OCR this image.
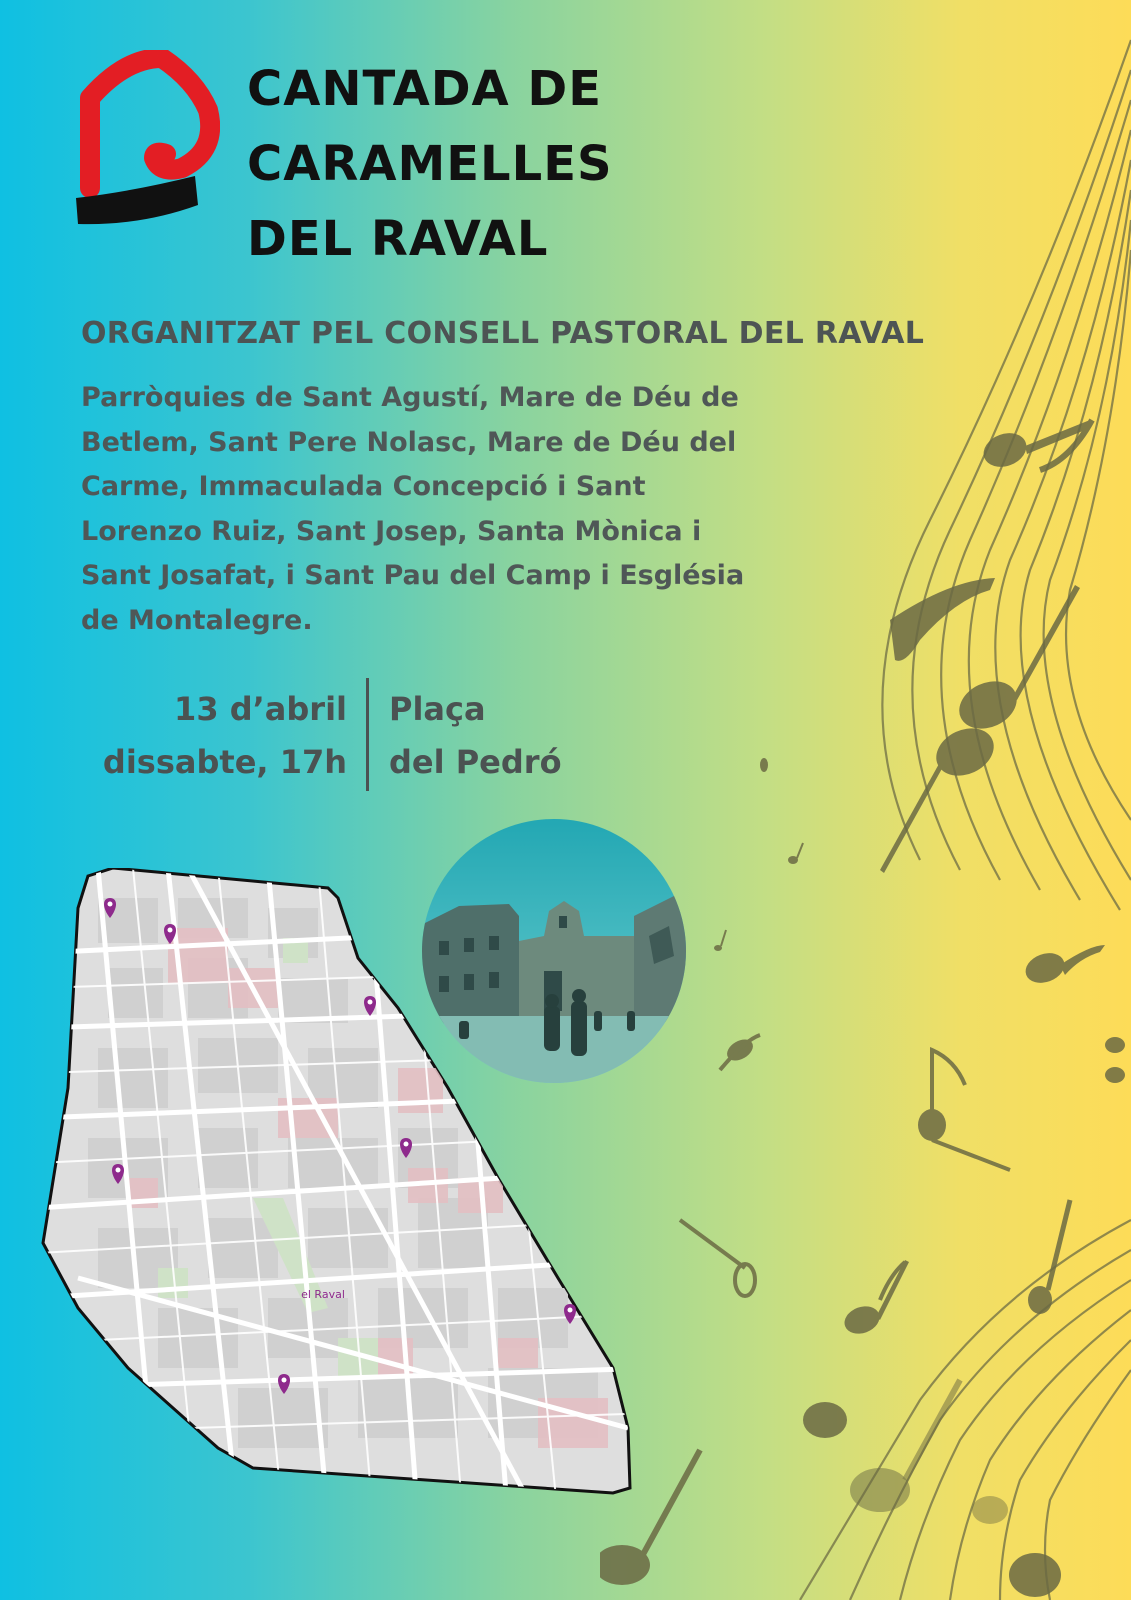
CANTADA DE
CARAMELLES
DEL RAVAL
ORGANITZAT PEL CONSELL PASTORAL DEL RAVAL
Parròquies de Sant Agustí, Mare de Déu de
Betlem, Sant Pere Nolasc, Mare de Déu del
Carme, Immaculada Concepció i Sant
Lorenzo Ruiz, Sant Josep, Santa Mònica i
Sant Josafat, i Sant Pau del Camp i Església
de Montalegre.
13 d’abril
dissabte, 17h
Plaça
del Pedró
el Raval
